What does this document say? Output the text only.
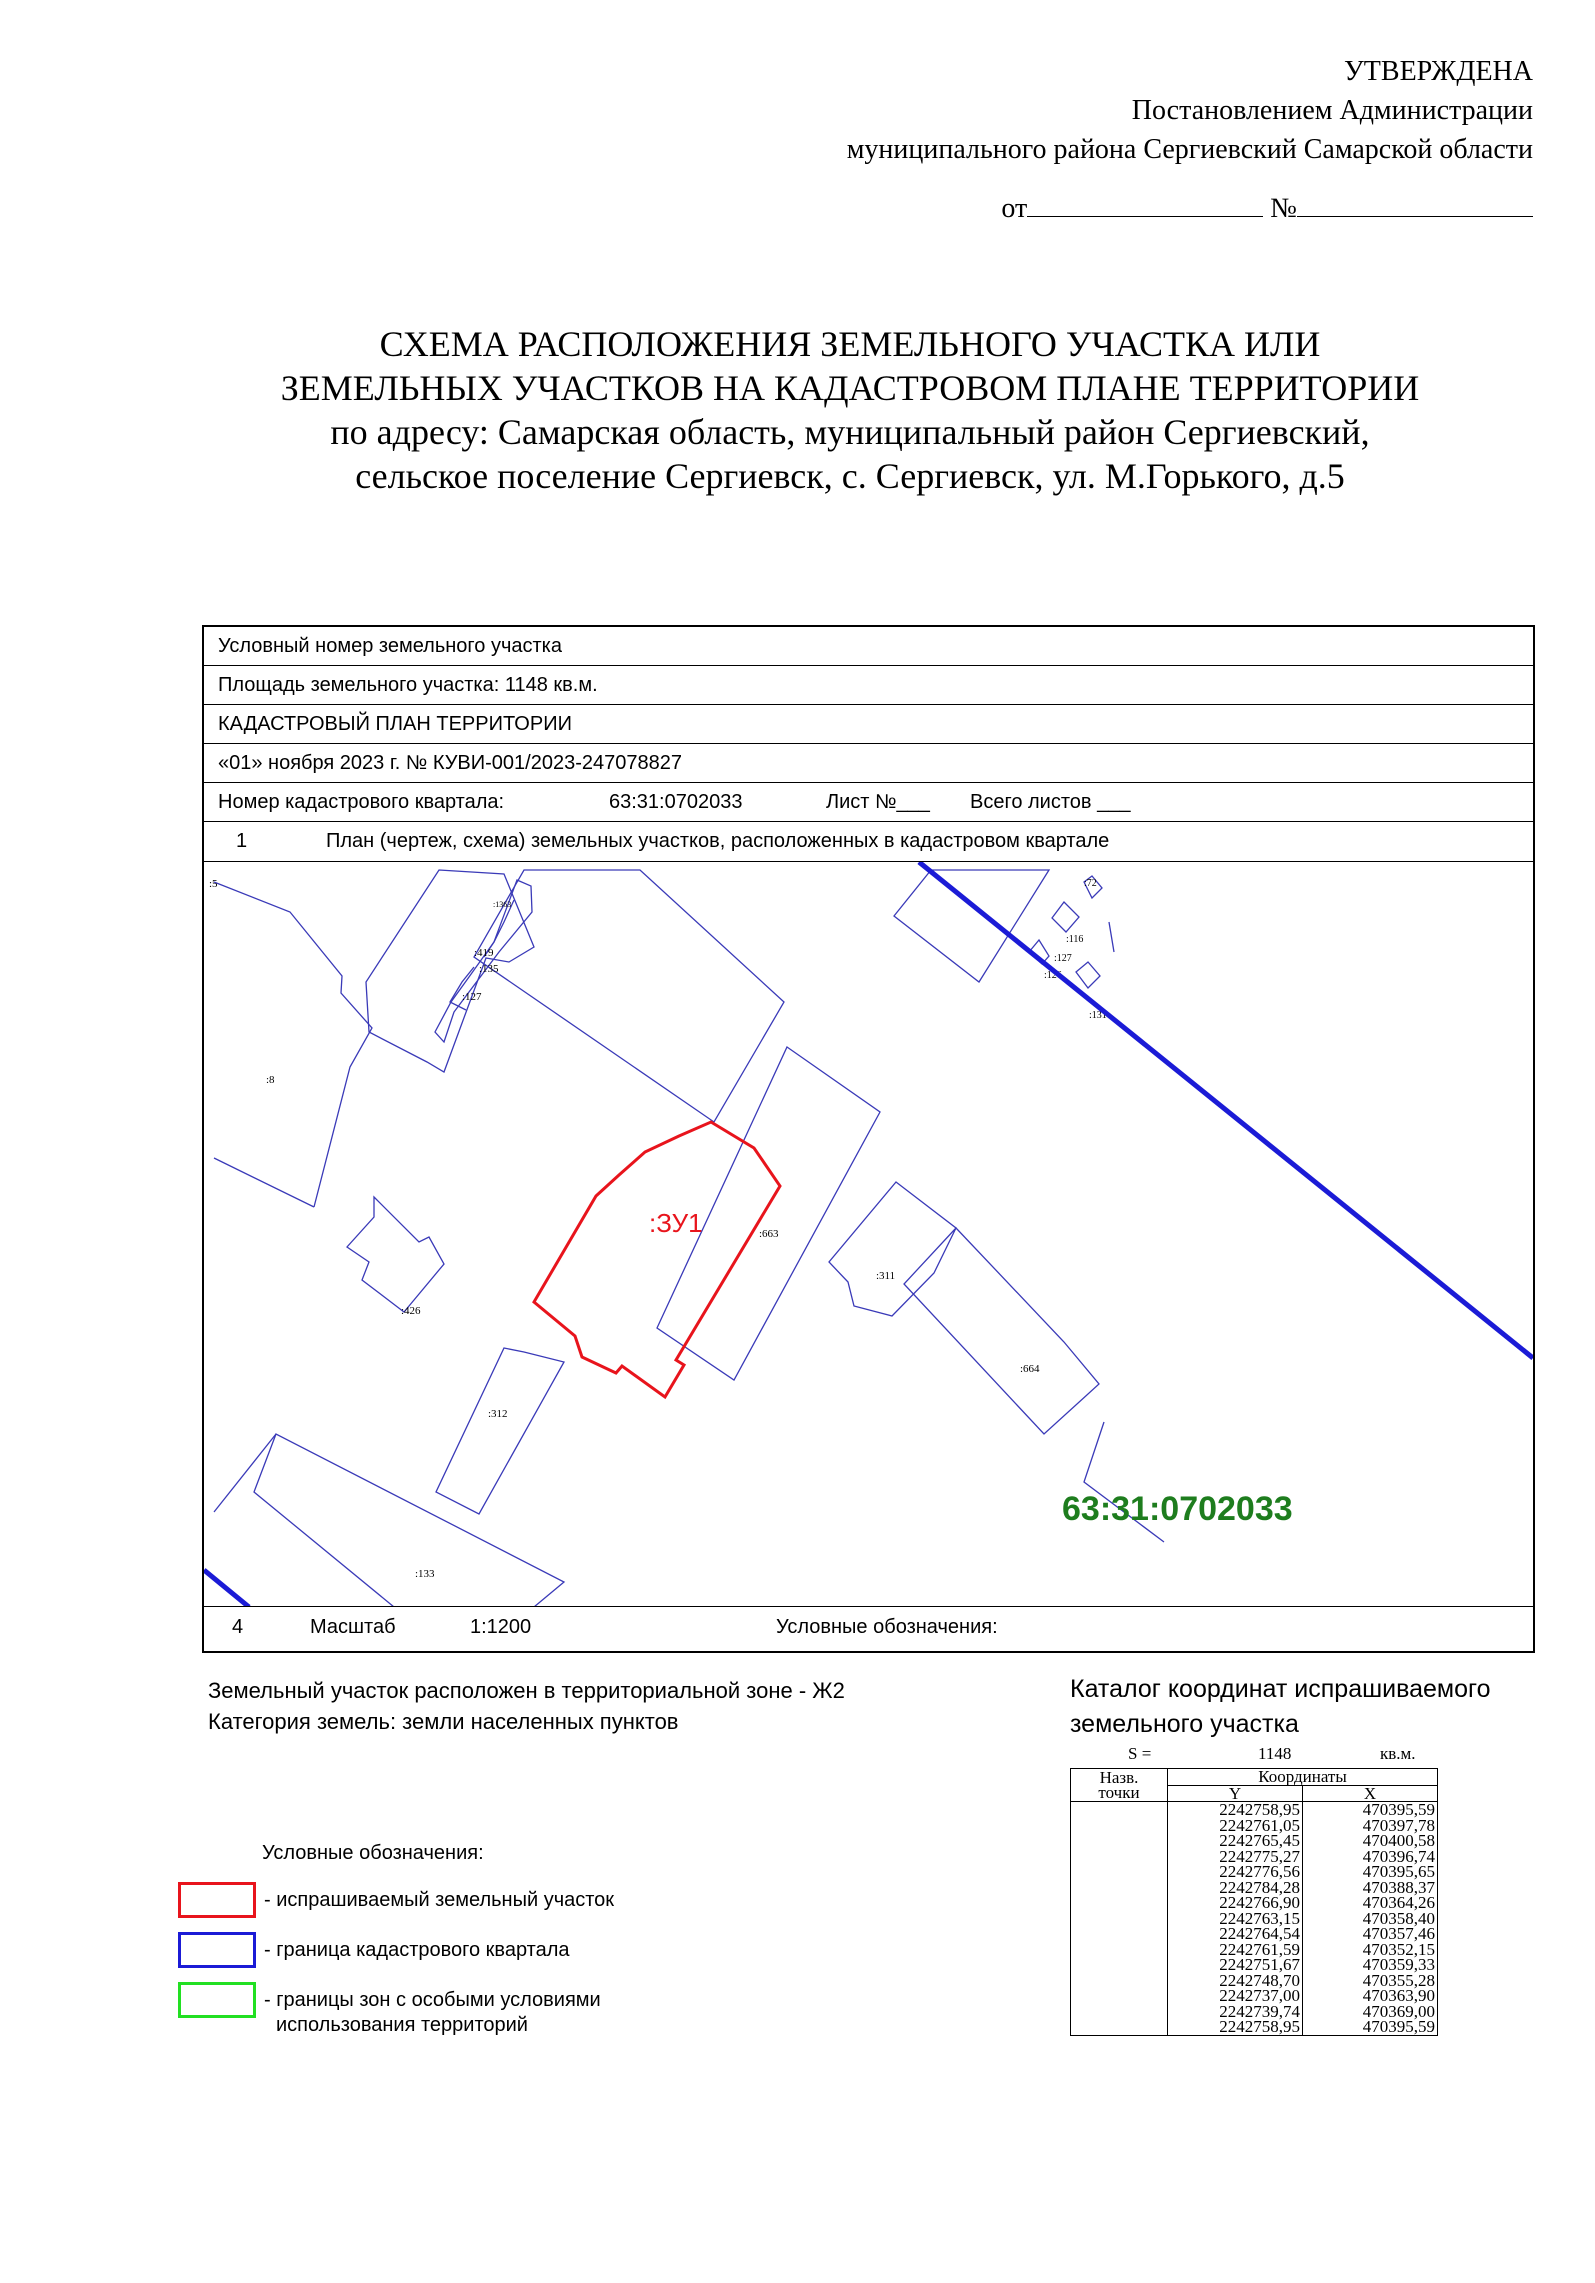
УТВЕРЖДЕНА
Постановлением Администрации
муниципального района Сергиевский Самарской области
от	№
СХЕМА РАСПОЛОЖЕНИЯ ЗЕМЕЛЬНОГО УЧАСТКА ИЛИ
ЗЕМЕЛЬНЫХ УЧАСТКОВ НА КАДАСТРОВОМ ПЛАНЕ ТЕРРИТОРИИ
по адресу: Самарская область, муниципальный район Сергиевский,
сельское поселение Сергиевск, с. Сергиевск, ул. М.Горького, д.5
Условный номер земельного участка
Площадь земельного участка: 1148 кв.м.
КАДАСТРОВЫЙ ПЛАН ТЕРРИТОРИИ
«01» ноября 2023 г. № КУВИ-001/2023-247078827
Номер кадастрового квартала:	63:31:0702033	Лист №___ Всего листов ___
1	План (чертеж, схема) земельных участков, расположенных в кадастровом квартале
:5
:1363
:419
:135
:127
:8
:426
:312
:133
:663
:311
:664
:72
:116
:127
:126
:131
:ЗУ1
63:31:0702033
4	Масштаб	1:1200	Условные обозначения:
Земельный участок расположен в территориальной зоне - Ж2
Категория земель: земли населенных пунктов
Условные обозначения:
- испрашиваемый земельный участок
- граница кадастрового квартала
- границы зон с особыми условиями
использования территорий
Каталог координат испрашиваемого
земельного участка
S =	1148	кв.м.
Назв.
точки	Координаты	
	Y	X
	2242758,95	470395,59
	2242761,05	470397,78
	2242765,45	470400,58
	2242775,27	470396,74
	2242776,56	470395,65
	2242784,28	470388,37
	2242766,90	470364,26
	2242763,15	470358,40
	2242764,54	470357,46
	2242761,59	470352,15
	2242751,67	470359,33
	2242748,70	470355,28
	2242737,00	470363,90
	2242739,74	470369,00
	2242758,95	470395,59
